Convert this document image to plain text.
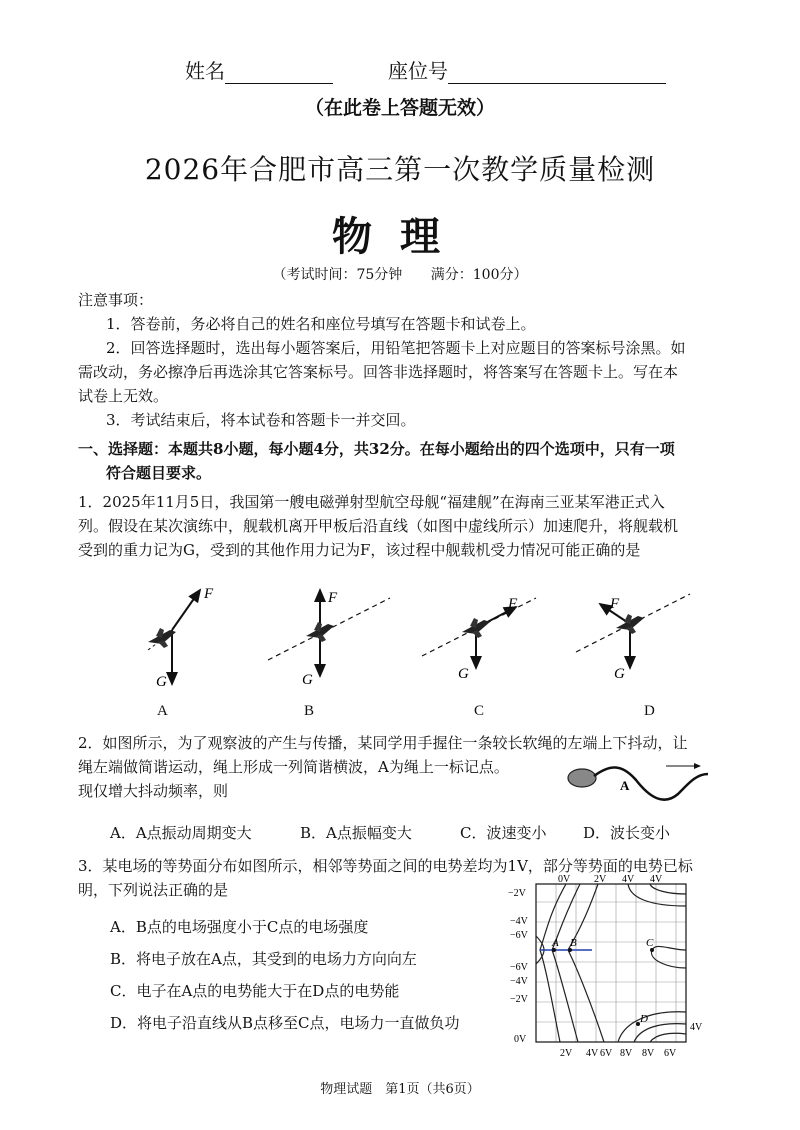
姓名	座位号
（在此卷上答题无效）
2026年合肥市高三第一次教学质量检测
物理
（考试时间：75分钟 满分：100分）
注意事项：
1．答卷前，务必将自己的姓名和座位号填写在答题卡和试卷上。
2．回答选择题时，选出每小题答案后，用铅笔把答题卡上对应题目的答案标号涂黑。如
需改动，务必擦净后再选涂其它答案标号。回答非选择题时，将答案写在答题卡上。写在本
试卷上无效。
3．考试结束后，将本试卷和答题卡一并交回。
一、选择题：本题共8小题，每小题4分，共32分。在每小题给出的四个选项中，只有一项
符合题目要求。
1．2025年11月5日，我国第一艘电磁弹射型航空母舰“福建舰”在海南三亚某军港正式入
列。假设在某次演练中，舰载机离开甲板后沿直线（如图中虚线所示）加速爬升，将舰载机
受到的重力记为G，受到的其他作用力记为F，该过程中舰载机受力情况可能正确的是
F
G
F
G
F
G
F
G
A	B	C	D
2．如图所示，为了观察波的产生与传播，某同学用手握住一条较长软绳的左端上下抖动，让
绳左端做简谐运动，绳上形成一列简谐横波，A为绳上一标记点。
现仅增大抖动频率，则	A
A．A点振动周期变大	B．A点振幅变大	C．波速变小 D．波长变小
3．某电场的等势面分布如图所示，相邻等势面之间的电势差均为1V，部分等势面的电势已标
明，下列说法正确的是
A．B点的电场强度小于C点的电场强度
B．将电子放在A点，其受到的电场力方向向左
C．电子在A点的电势能大于在D点的电势能
D．将电子沿直线从B点移至C点，电场力一直做负功
A B	C
D
0V 2V 4V 4V
−2V
−4V
−6V
−6V
−4V
−2V
0V
2V 4V 6V 8V 8V 6V
4V
物理试题　第1页（共6页）
